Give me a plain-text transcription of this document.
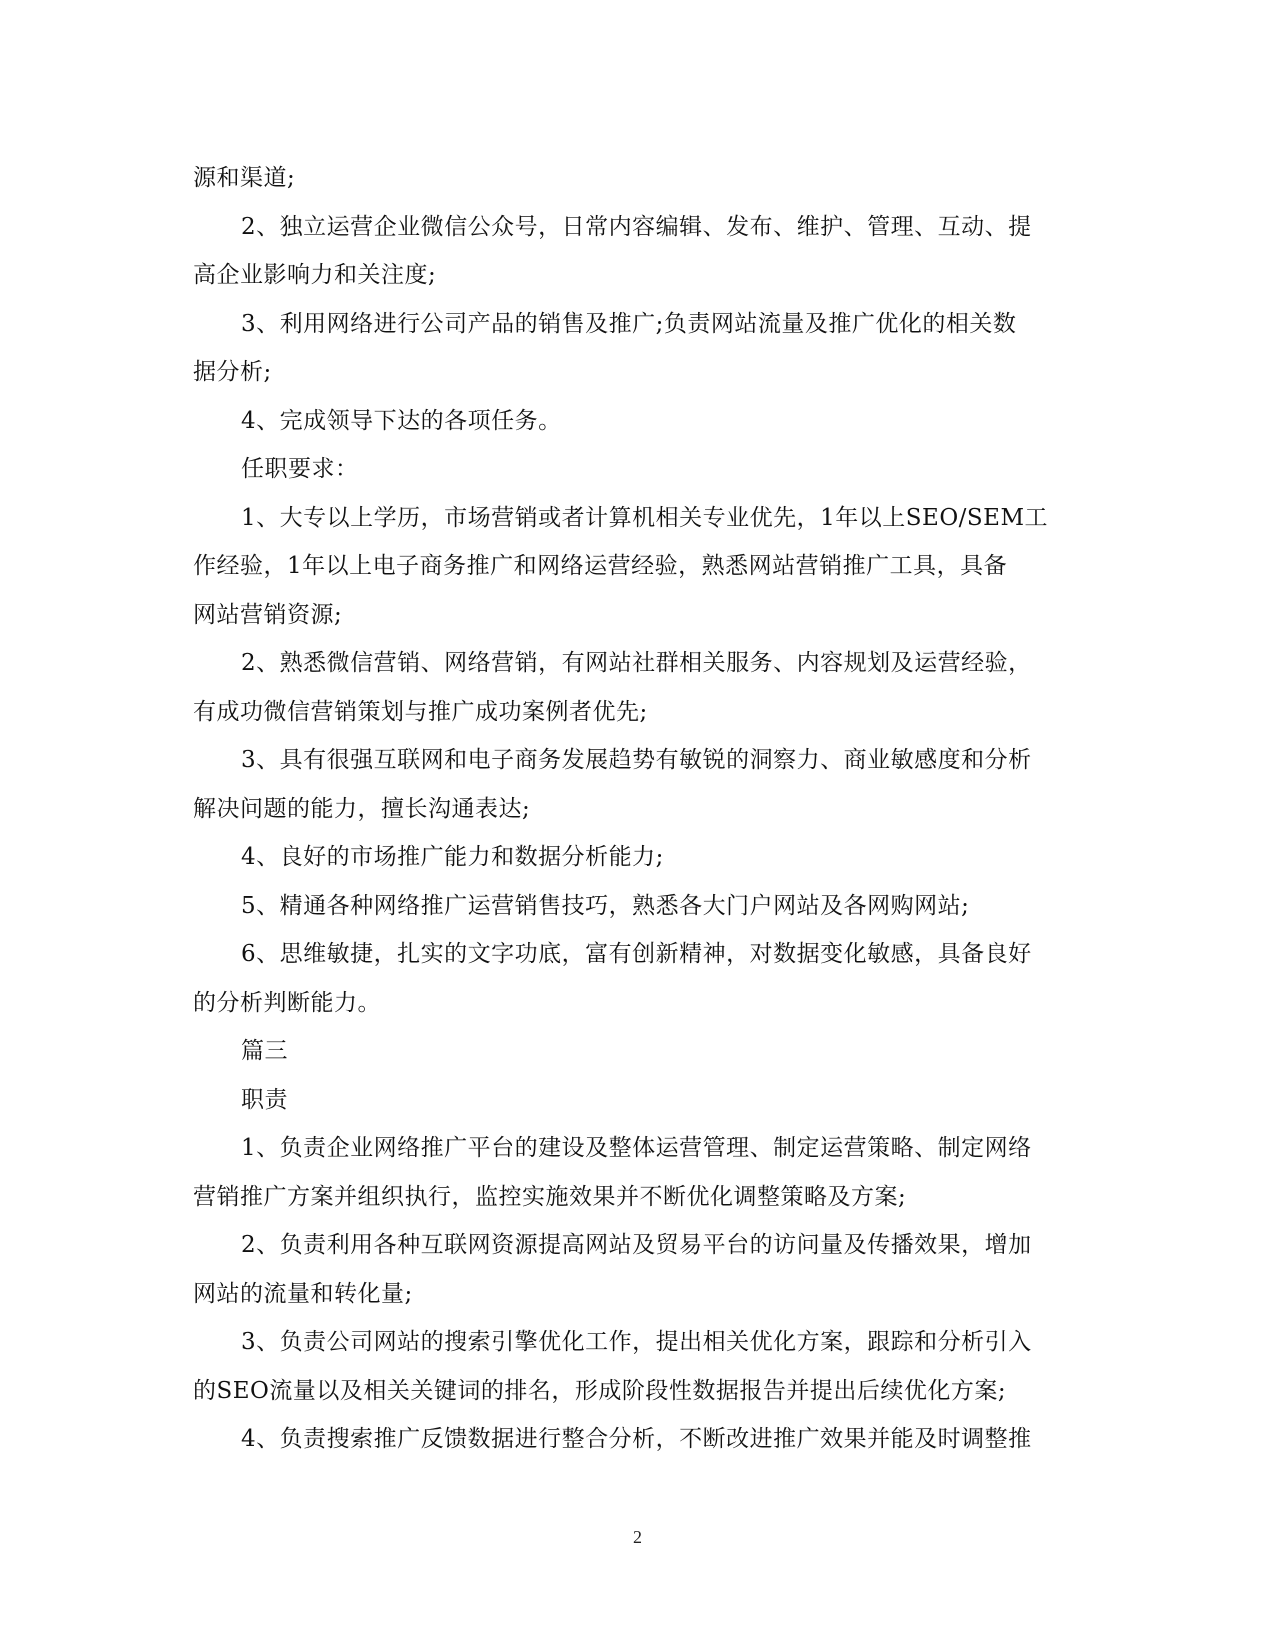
源和渠道;

2、独立运营企业微信公众号，日常内容编辑、发布、维护、管理、互动、提

高企业影响力和关注度;

3、利用网络进行公司产品的销售及推广;负责网站流量及推广优化的相关数

据分析;

4、完成领导下达的各项任务。

任职要求：

1、大专以上学历，市场营销或者计算机相关专业优先，1年以上SEO/SEM工

作经验，1年以上电子商务推广和网络运营经验，熟悉网站营销推广工具，具备

网站营销资源;

2、熟悉微信营销、网络营销，有网站社群相关服务、内容规划及运营经验，

有成功微信营销策划与推广成功案例者优先;

3、具有很强互联网和电子商务发展趋势有敏锐的洞察力、商业敏感度和分析

解决问题的能力，擅长沟通表达;

4、良好的市场推广能力和数据分析能力;

5、精通各种网络推广运营销售技巧，熟悉各大门户网站及各网购网站;

6、思维敏捷，扎实的文字功底，富有创新精神，对数据变化敏感，具备良好

的分析判断能力。

篇三

职责

1、负责企业网络推广平台的建设及整体运营管理、制定运营策略、制定网络

营销推广方案并组织执行，监控实施效果并不断优化调整策略及方案;

2、负责利用各种互联网资源提高网站及贸易平台的访问量及传播效果，增加

网站的流量和转化量;

3、负责公司网站的搜索引擎优化工作，提出相关优化方案，跟踪和分析引入

的SEO流量以及相关关键词的排名，形成阶段性数据报告并提出后续优化方案;

4、负责搜索推广反馈数据进行整合分析，不断改进推广效果并能及时调整推

2
